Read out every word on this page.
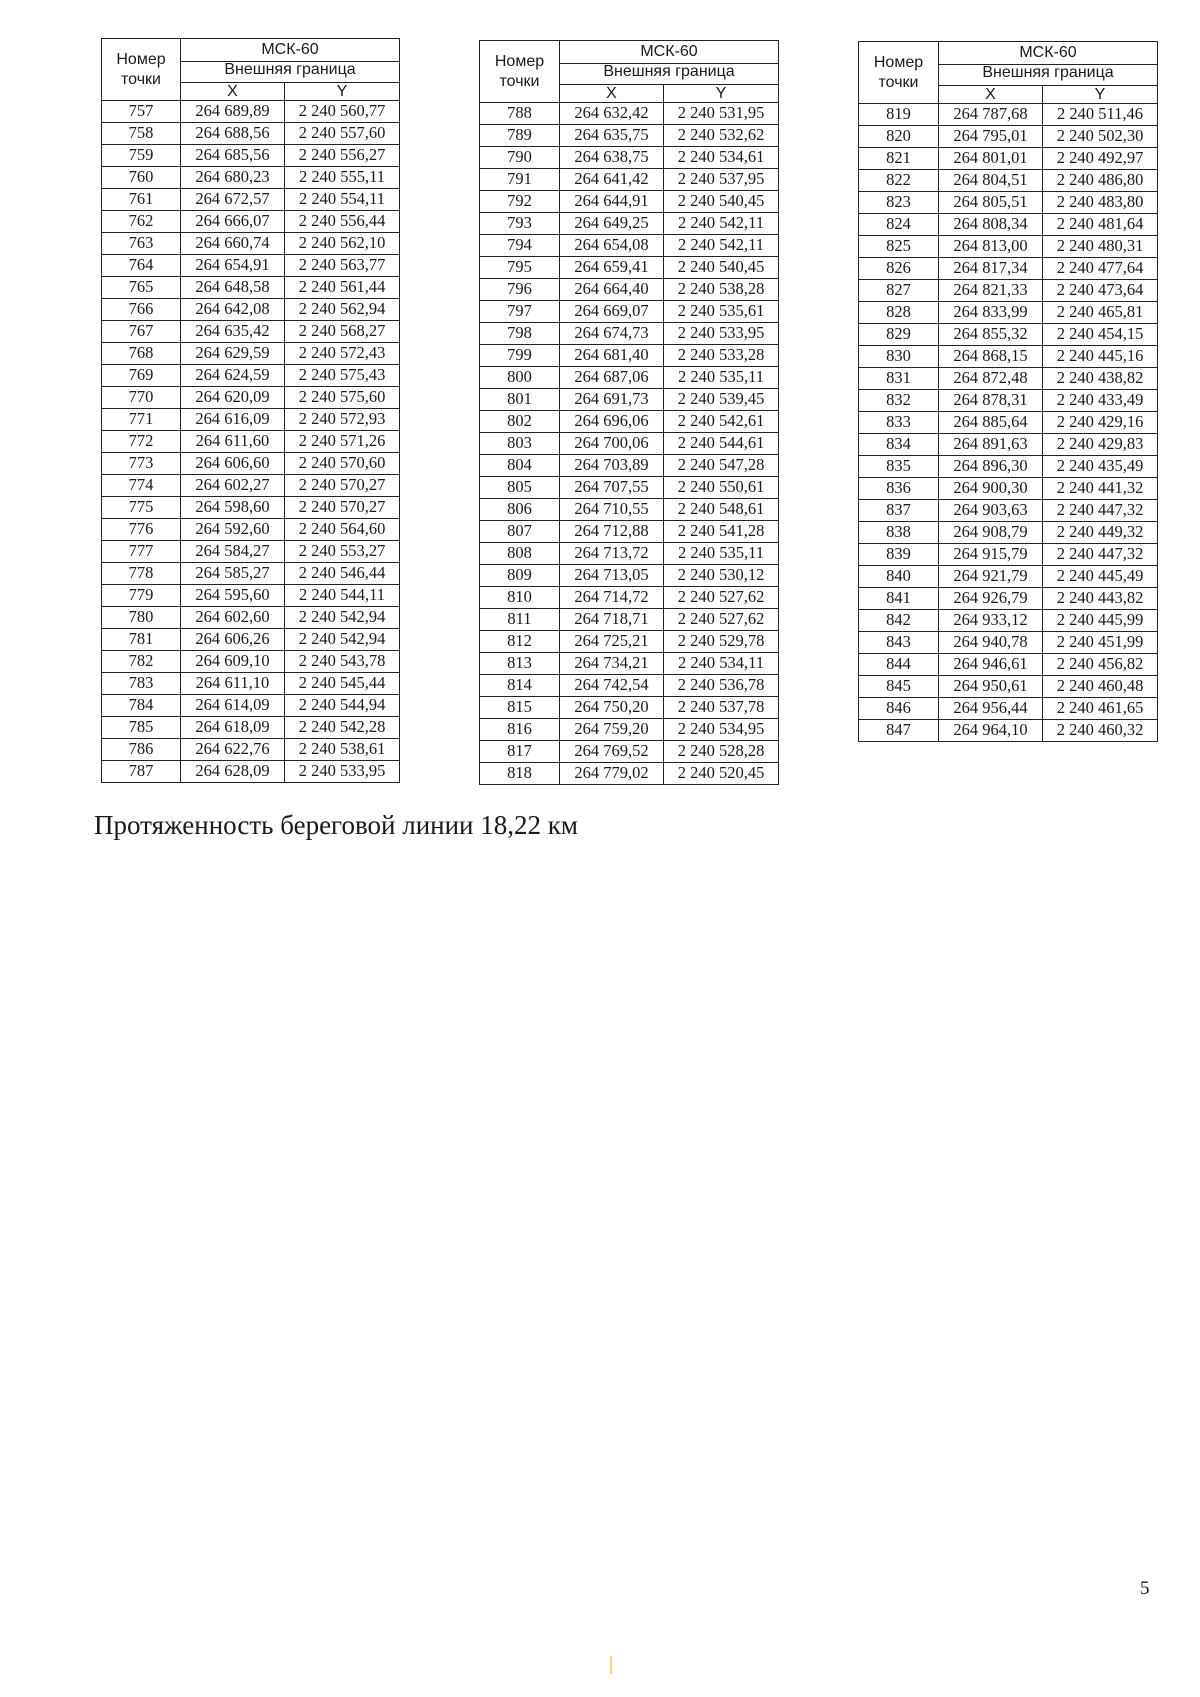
Номер
точки	МСК-60	
	Внешняя граница	
	X	Y
757	264 689,89	2 240 560,77
758	264 688,56	2 240 557,60
759	264 685,56	2 240 556,27
760	264 680,23	2 240 555,11
761	264 672,57	2 240 554,11
762	264 666,07	2 240 556,44
763	264 660,74	2 240 562,10
764	264 654,91	2 240 563,77
765	264 648,58	2 240 561,44
766	264 642,08	2 240 562,94
767	264 635,42	2 240 568,27
768	264 629,59	2 240 572,43
769	264 624,59	2 240 575,43
770	264 620,09	2 240 575,60
771	264 616,09	2 240 572,93
772	264 611,60	2 240 571,26
773	264 606,60	2 240 570,60
774	264 602,27	2 240 570,27
775	264 598,60	2 240 570,27
776	264 592,60	2 240 564,60
777	264 584,27	2 240 553,27
778	264 585,27	2 240 546,44
779	264 595,60	2 240 544,11
780	264 602,60	2 240 542,94
781	264 606,26	2 240 542,94
782	264 609,10	2 240 543,78
783	264 611,10	2 240 545,44
784	264 614,09	2 240 544,94
785	264 618,09	2 240 542,28
786	264 622,76	2 240 538,61
787	264 628,09	2 240 533,95
Номер
точки	МСК-60	
	Внешняя граница	
	X	Y
788	264 632,42	2 240 531,95
789	264 635,75	2 240 532,62
790	264 638,75	2 240 534,61
791	264 641,42	2 240 537,95
792	264 644,91	2 240 540,45
793	264 649,25	2 240 542,11
794	264 654,08	2 240 542,11
795	264 659,41	2 240 540,45
796	264 664,40	2 240 538,28
797	264 669,07	2 240 535,61
798	264 674,73	2 240 533,95
799	264 681,40	2 240 533,28
800	264 687,06	2 240 535,11
801	264 691,73	2 240 539,45
802	264 696,06	2 240 542,61
803	264 700,06	2 240 544,61
804	264 703,89	2 240 547,28
805	264 707,55	2 240 550,61
806	264 710,55	2 240 548,61
807	264 712,88	2 240 541,28
808	264 713,72	2 240 535,11
809	264 713,05	2 240 530,12
810	264 714,72	2 240 527,62
811	264 718,71	2 240 527,62
812	264 725,21	2 240 529,78
813	264 734,21	2 240 534,11
814	264 742,54	2 240 536,78
815	264 750,20	2 240 537,78
816	264 759,20	2 240 534,95
817	264 769,52	2 240 528,28
818	264 779,02	2 240 520,45
Номер
точки	МСК-60	
	Внешняя граница	
	X	Y
819	264 787,68	2 240 511,46
820	264 795,01	2 240 502,30
821	264 801,01	2 240 492,97
822	264 804,51	2 240 486,80
823	264 805,51	2 240 483,80
824	264 808,34	2 240 481,64
825	264 813,00	2 240 480,31
826	264 817,34	2 240 477,64
827	264 821,33	2 240 473,64
828	264 833,99	2 240 465,81
829	264 855,32	2 240 454,15
830	264 868,15	2 240 445,16
831	264 872,48	2 240 438,82
832	264 878,31	2 240 433,49
833	264 885,64	2 240 429,16
834	264 891,63	2 240 429,83
835	264 896,30	2 240 435,49
836	264 900,30	2 240 441,32
837	264 903,63	2 240 447,32
838	264 908,79	2 240 449,32
839	264 915,79	2 240 447,32
840	264 921,79	2 240 445,49
841	264 926,79	2 240 443,82
842	264 933,12	2 240 445,99
843	264 940,78	2 240 451,99
844	264 946,61	2 240 456,82
845	264 950,61	2 240 460,48
846	264 956,44	2 240 461,65
847	264 964,10	2 240 460,32
Протяженность береговой линии 18,22 км
5
